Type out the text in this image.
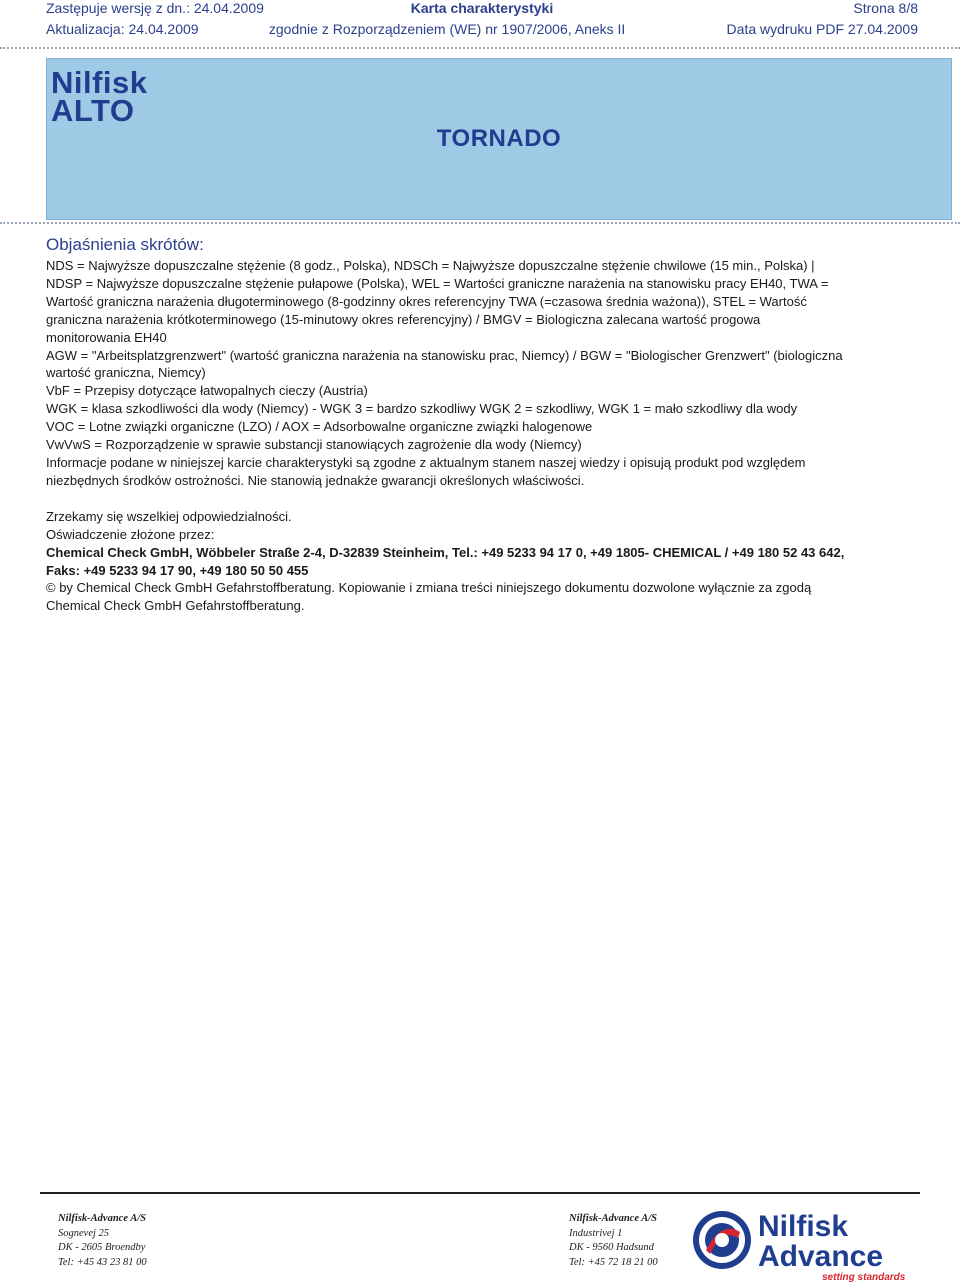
Zastępuje wersję z dn.: 24.04.2009	Karta charakterystyki	Strona 8/8
Aktualizacja: 24.04.2009	zgodnie z Rozporządzeniem (WE) nr 1907/2006, Aneks II	Data wydruku PDF 27.04.2009
Nilfisk
ALTO
TORNADO
Objaśnienia skrótów:

NDS = Najwyższe dopuszczalne stężenie (8 godz., Polska), NDSCh = Najwyższe dopuszczalne stężenie chwilowe (15 min., Polska) | NDSP = Najwyższe dopuszczalne stężenie pułapowe (Polska), WEL = Wartości graniczne narażenia na stanowisku pracy EH40, TWA = Wartość graniczna narażenia długoterminowego (8-godzinny okres referencyjny TWA (=czasowa średnia ważona)), STEL = Wartość graniczna narażenia krótkoterminowego (15-minutowy okres referencyjny) / BMGV = Biologiczna zalecana wartość progowa monitorowania EH40

AGW = "Arbeitsplatzgrenzwert" (wartość graniczna narażenia na stanowisku prac, Niemcy) / BGW = "Biologischer Grenzwert" (biologiczna wartość graniczna, Niemcy)

VbF = Przepisy dotyczące łatwopalnych cieczy (Austria)

WGK = klasa szkodliwości dla wody (Niemcy) - WGK 3 = bardzo szkodliwy WGK 2 = szkodliwy, WGK 1 = mało szkodliwy dla wody

VOC = Lotne związki organiczne (LZO) / AOX = Adsorbowalne organiczne związki halogenowe

VwVwS = Rozporządzenie w sprawie substancji stanowiących zagrożenie dla wody (Niemcy)

Informacje podane w niniejszej karcie charakterystyki są zgodne z aktualnym stanem naszej wiedzy i opisują produkt pod względem niezbędnych środków ostrożności. Nie stanowią jednakże gwarancji określonych właściwości.

Zrzekamy się wszelkiej odpowiedzialności.

Oświadczenie złożone przez:

Chemical Check GmbH, Wöbbeler Straße 2-4, D-32839 Steinheim, Tel.: +49 5233 94 17 0, +49 1805- CHEMICAL / +49 180 52 43 642, Faks: +49 5233 94 17 90, +49 180 50 50 455

© by Chemical Check GmbH Gefahrstoffberatung. Kopiowanie i zmiana treści niniejszego dokumentu dozwolone wyłącznie za zgodą Chemical Check GmbH Gefahrstoffberatung.

Nilfisk-Advance A/S
Sognevej 25
DK - 2605 Broendby
Tel: +45 43 23 81 00
Nilfisk-Advance A/S
Industrivej 1
DK - 9560 Hadsund
Tel: +45 72 18 21 00
Nilfisk
Advance
setting standards
